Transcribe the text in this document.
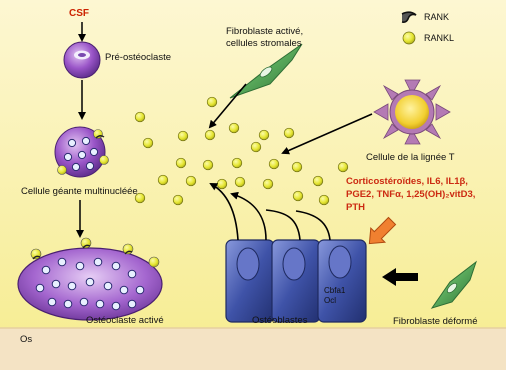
CSF
Pré-ostéoclaste
Fibroblaste activé,
cellules stromales
Cellule géante multinucléée
Cellule de la lignée T
Corticostéroïdes, IL6, IL1β,
PGE2, TNFα, 1,25(OH)₂vitD3,
PTH
Cbfa1
Ocl
Ostéoclaste activé	Ostéoblastes	Fibroblaste déformé
Os
RANK
RANKL
